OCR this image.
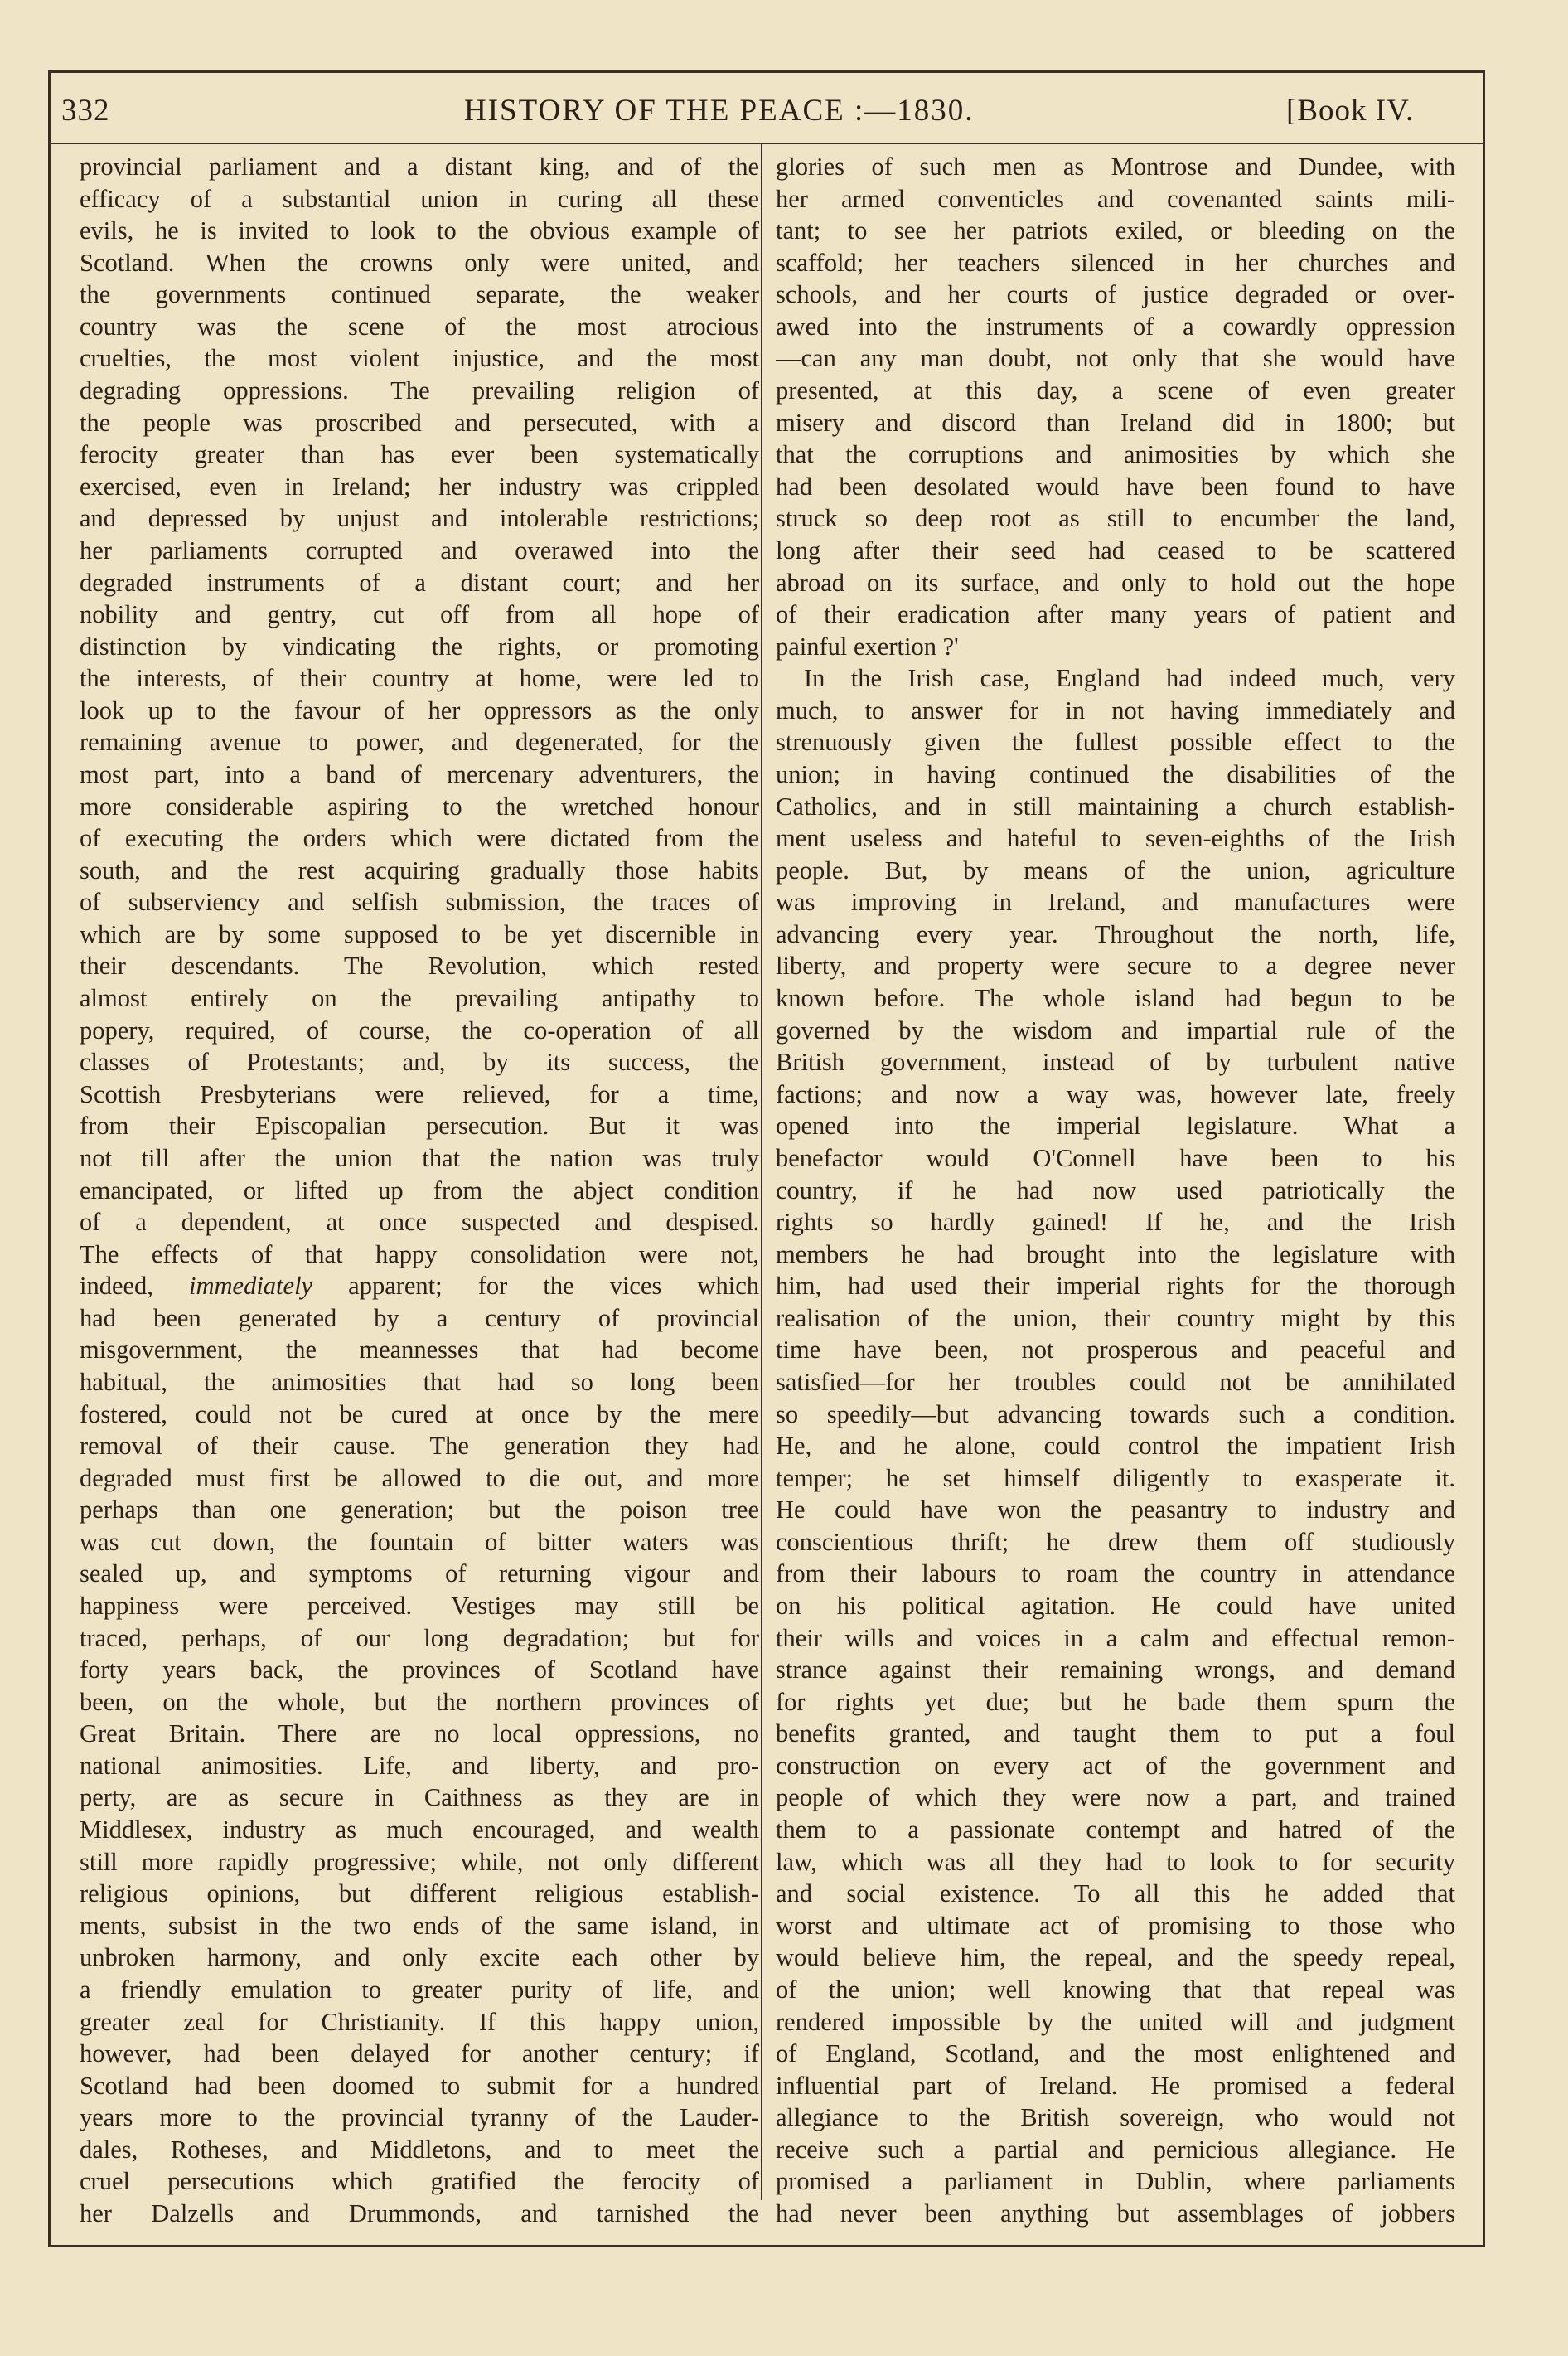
332	HISTORY OF THE PEACE :—1830.	[Book IV.
provincial parliament and a distant king, and of the
efficacy of a substantial union in curing all these
evils, he is invited to look to the obvious example of
Scotland. When the crowns only were united, and
the governments continued separate, the weaker
country was the scene of the most atrocious
cruelties, the most violent injustice, and the most
degrading oppressions. The prevailing religion of
the people was proscribed and persecuted, with a
ferocity greater than has ever been systematically
exercised, even in Ireland; her industry was crippled
and depressed by unjust and intolerable restrictions;
her parliaments corrupted and overawed into the
degraded instruments of a distant court; and her
nobility and gentry, cut off from all hope of
distinction by vindicating the rights, or promoting
the interests, of their country at home, were led to
look up to the favour of her oppressors as the only
remaining avenue to power, and degenerated, for the
most part, into a band of mercenary adventurers, the
more considerable aspiring to the wretched honour
of executing the orders which were dictated from the
south, and the rest acquiring gradually those habits
of subserviency and selfish submission, the traces of
which are by some supposed to be yet discernible in
their descendants. The Revolution, which rested
almost entirely on the prevailing antipathy to
popery, required, of course, the co-operation of all
classes of Protestants; and, by its success, the
Scottish Presbyterians were relieved, for a time,
from their Episcopalian persecution. But it was
not till after the union that the nation was truly
emancipated, or lifted up from the abject condition
of a dependent, at once suspected and despised.
The effects of that happy consolidation were not,
indeed, immediately apparent; for the vices which
had been generated by a century of provincial
misgovernment, the meannesses that had become
habitual, the animosities that had so long been
fostered, could not be cured at once by the mere
removal of their cause. The generation they had
degraded must first be allowed to die out, and more
perhaps than one generation; but the poison tree
was cut down, the fountain of bitter waters was
sealed up, and symptoms of returning vigour and
happiness were perceived. Vestiges may still be
traced, perhaps, of our long degradation; but for
forty years back, the provinces of Scotland have
been, on the whole, but the northern provinces of
Great Britain. There are no local oppressions, no
national animosities. Life, and liberty, and pro-
perty, are as secure in Caithness as they are in
Middlesex, industry as much encouraged, and wealth
still more rapidly progressive; while, not only different
religious opinions, but different religious establish-
ments, subsist in the two ends of the same island, in
unbroken harmony, and only excite each other by
a friendly emulation to greater purity of life, and
greater zeal for Christianity. If this happy union,
however, had been delayed for another century; if
Scotland had been doomed to submit for a hundred
years more to the provincial tyranny of the Lauder-
dales, Rotheses, and Middletons, and to meet the
cruel persecutions which gratified the ferocity of
her Dalzells and Drummonds, and tarnished the
glories of such men as Montrose and Dundee, with
her armed conventicles and covenanted saints mili-
tant; to see her patriots exiled, or bleeding on the
scaffold; her teachers silenced in her churches and
schools, and her courts of justice degraded or over-
awed into the instruments of a cowardly oppression
—can any man doubt, not only that she would have
presented, at this day, a scene of even greater
misery and discord than Ireland did in 1800; but
that the corruptions and animosities by which she
had been desolated would have been found to have
struck so deep root as still to encumber the land,
long after their seed had ceased to be scattered
abroad on its surface, and only to hold out the hope
of their eradication after many years of patient and
painful exertion ?'
In the Irish case, England had indeed much, very
much, to answer for in not having immediately and
strenuously given the fullest possible effect to the
union; in having continued the disabilities of the
Catholics, and in still maintaining a church establish-
ment useless and hateful to seven-eighths of the Irish
people. But, by means of the union, agriculture
was improving in Ireland, and manufactures were
advancing every year. Throughout the north, life,
liberty, and property were secure to a degree never
known before. The whole island had begun to be
governed by the wisdom and impartial rule of the
British government, instead of by turbulent native
factions; and now a way was, however late, freely
opened into the imperial legislature. What a
benefactor would O'Connell have been to his
country, if he had now used patriotically the
rights so hardly gained! If he, and the Irish
members he had brought into the legislature with
him, had used their imperial rights for the thorough
realisation of the union, their country might by this
time have been, not prosperous and peaceful and
satisfied—for her troubles could not be annihilated
so speedily—but advancing towards such a condition.
He, and he alone, could control the impatient Irish
temper; he set himself diligently to exasperate it.
He could have won the peasantry to industry and
conscientious thrift; he drew them off studiously
from their labours to roam the country in attendance
on his political agitation. He could have united
their wills and voices in a calm and effectual remon-
strance against their remaining wrongs, and demand
for rights yet due; but he bade them spurn the
benefits granted, and taught them to put a foul
construction on every act of the government and
people of which they were now a part, and trained
them to a passionate contempt and hatred of the
law, which was all they had to look to for security
and social existence. To all this he added that
worst and ultimate act of promising to those who
would believe him, the repeal, and the speedy repeal,
of the union; well knowing that that repeal was
rendered impossible by the united will and judgment
of England, Scotland, and the most enlightened and
influential part of Ireland. He promised a federal
allegiance to the British sovereign, who would not
receive such a partial and pernicious allegiance. He
promised a parliament in Dublin, where parliaments
had never been anything but assemblages of jobbers
